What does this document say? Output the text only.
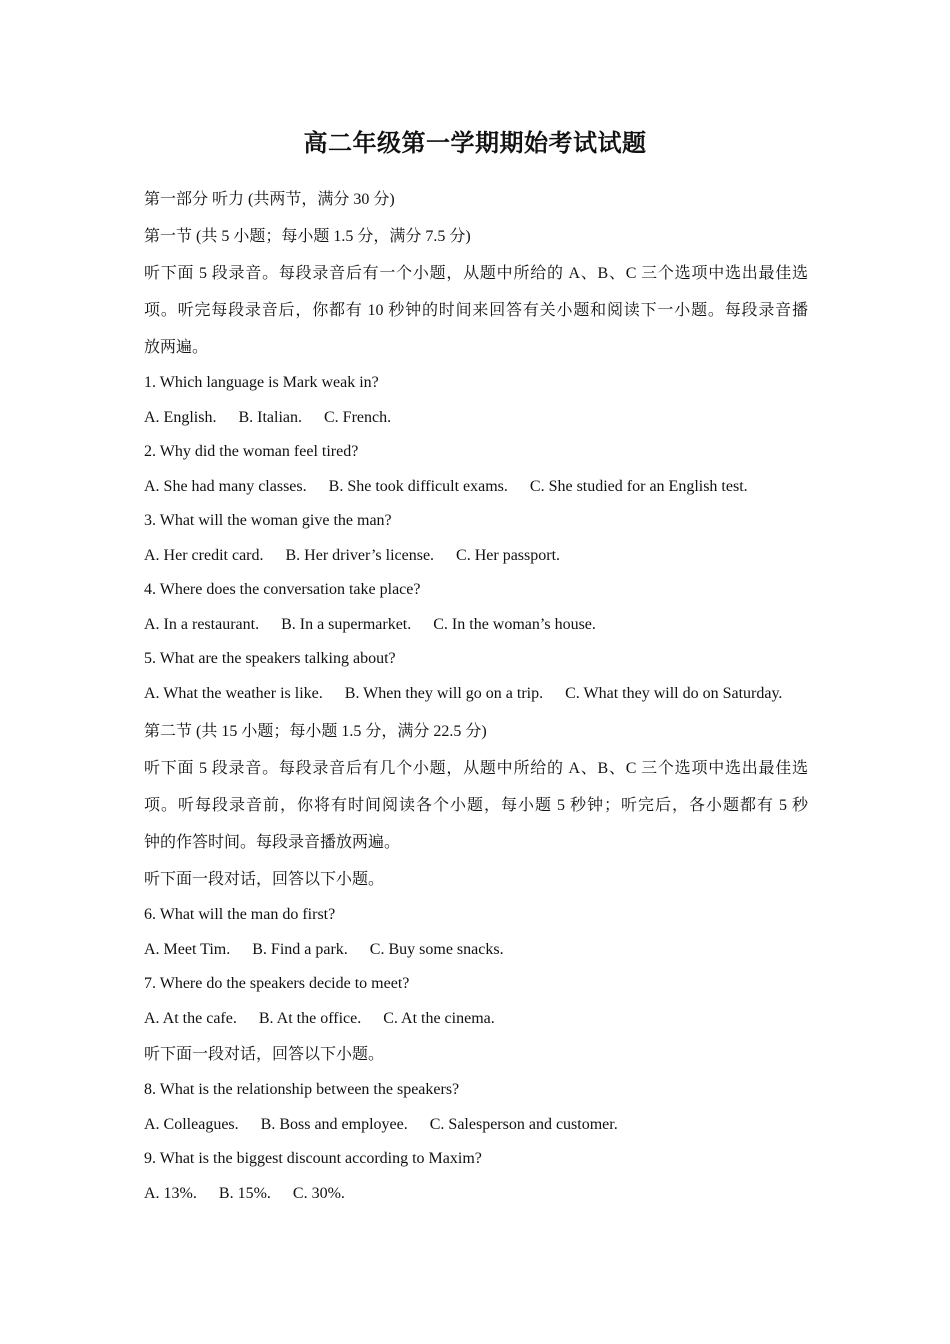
高二年级第一学期期始考试试题
第一部分 听力 (共两节，满分 30 分)
第一节 (共 5 小题；每小题 1.5 分，满分 7.5 分)
听下面 5 段录音。每段录音后有一个小题，从题中所给的 A、B、C 三个选项中选出最佳选
项。听完每段录音后，你都有 10 秒钟的时间来回答有关小题和阅读下一小题。每段录音播
放两遍。
1. Which language is Mark weak in?
A. English. B. Italian. C. French.
2. Why did the woman feel tired?
A. She had many classes. B. She took difficult exams. C. She studied for an English test.
3. What will the woman give the man?
A. Her credit card. B. Her driver’s license. C. Her passport.
4. Where does the conversation take place?
A. In a restaurant. B. In a supermarket. C. In the woman’s house.
5. What are the speakers talking about?
A. What the weather is like. B. When they will go on a trip. C. What they will do on Saturday.
第二节 (共 15 小题；每小题 1.5 分，满分 22.5 分)
听下面 5 段录音。每段录音后有几个小题，从题中所给的 A、B、C 三个选项中选出最佳选
项。听每段录音前，你将有时间阅读各个小题，每小题 5 秒钟；听完后，各小题都有 5 秒
钟的作答时间。每段录音播放两遍。
听下面一段对话，回答以下小题。
6. What will the man do first?
A. Meet Tim. B. Find a park. C. Buy some snacks.
7. Where do the speakers decide to meet?
A. At the cafe. B. At the office. C. At the cinema.
听下面一段对话，回答以下小题。
8. What is the relationship between the speakers?
A. Colleagues. B. Boss and employee. C. Salesperson and customer.
9. What is the biggest discount according to Maxim?
A. 13%. B. 15%. C. 30%.
